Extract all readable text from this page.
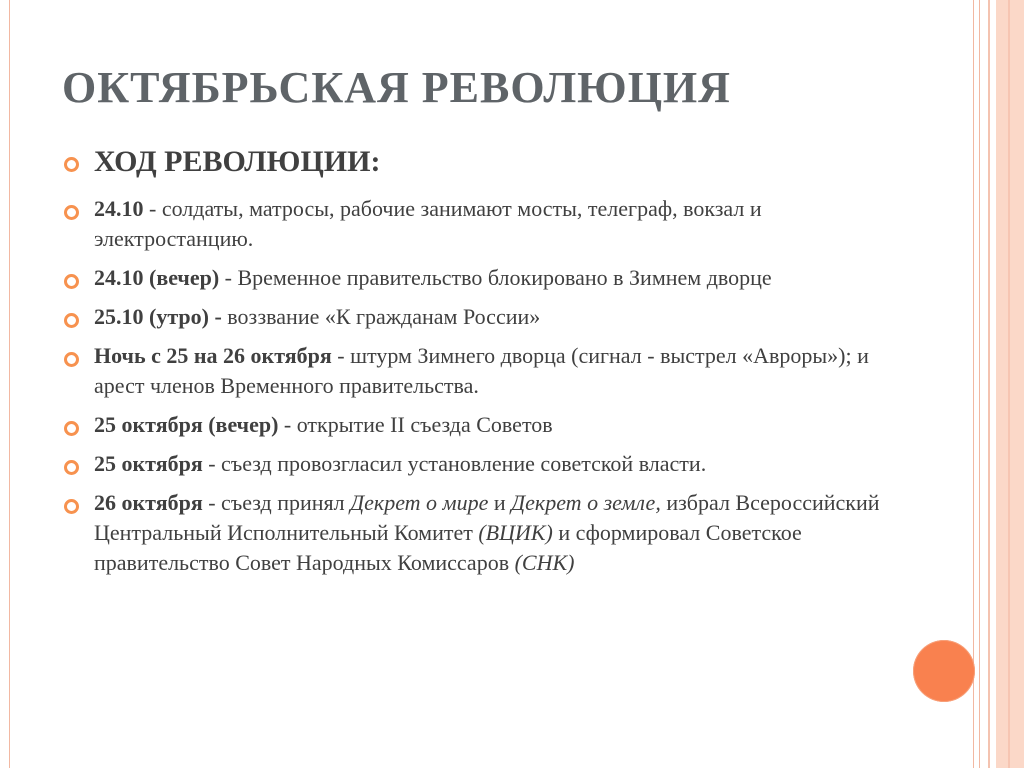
ОКТЯБРЬСКАЯ РЕВОЛЮЦИЯ
ХОД РЕВОЛЮЦИИ:
24.10 - солдаты, матросы, рабочие занимают мосты, телеграф, вокзал и электростанцию.
24.10 (вечер) - Временное правительство блокировано в Зимнем дворце
25.10 (утро) - воззвание «К гражданам России»
Ночь с 25 на 26 октября - штурм Зимнего дворца (сигнал - выстрел «Авроры»); и арест членов Временного правительства.
25 октября (вечер) - открытие II съезда Советов
25 октября - съезд провозгласил установление советской власти.
26 октября - съезд принял Декрет о мире и Декрет о земле, избрал Всероссийский Центральный Исполнительный Комитет (ВЦИК) и сформировал Советское правительство Совет Народных Комиссаров (СНК)
